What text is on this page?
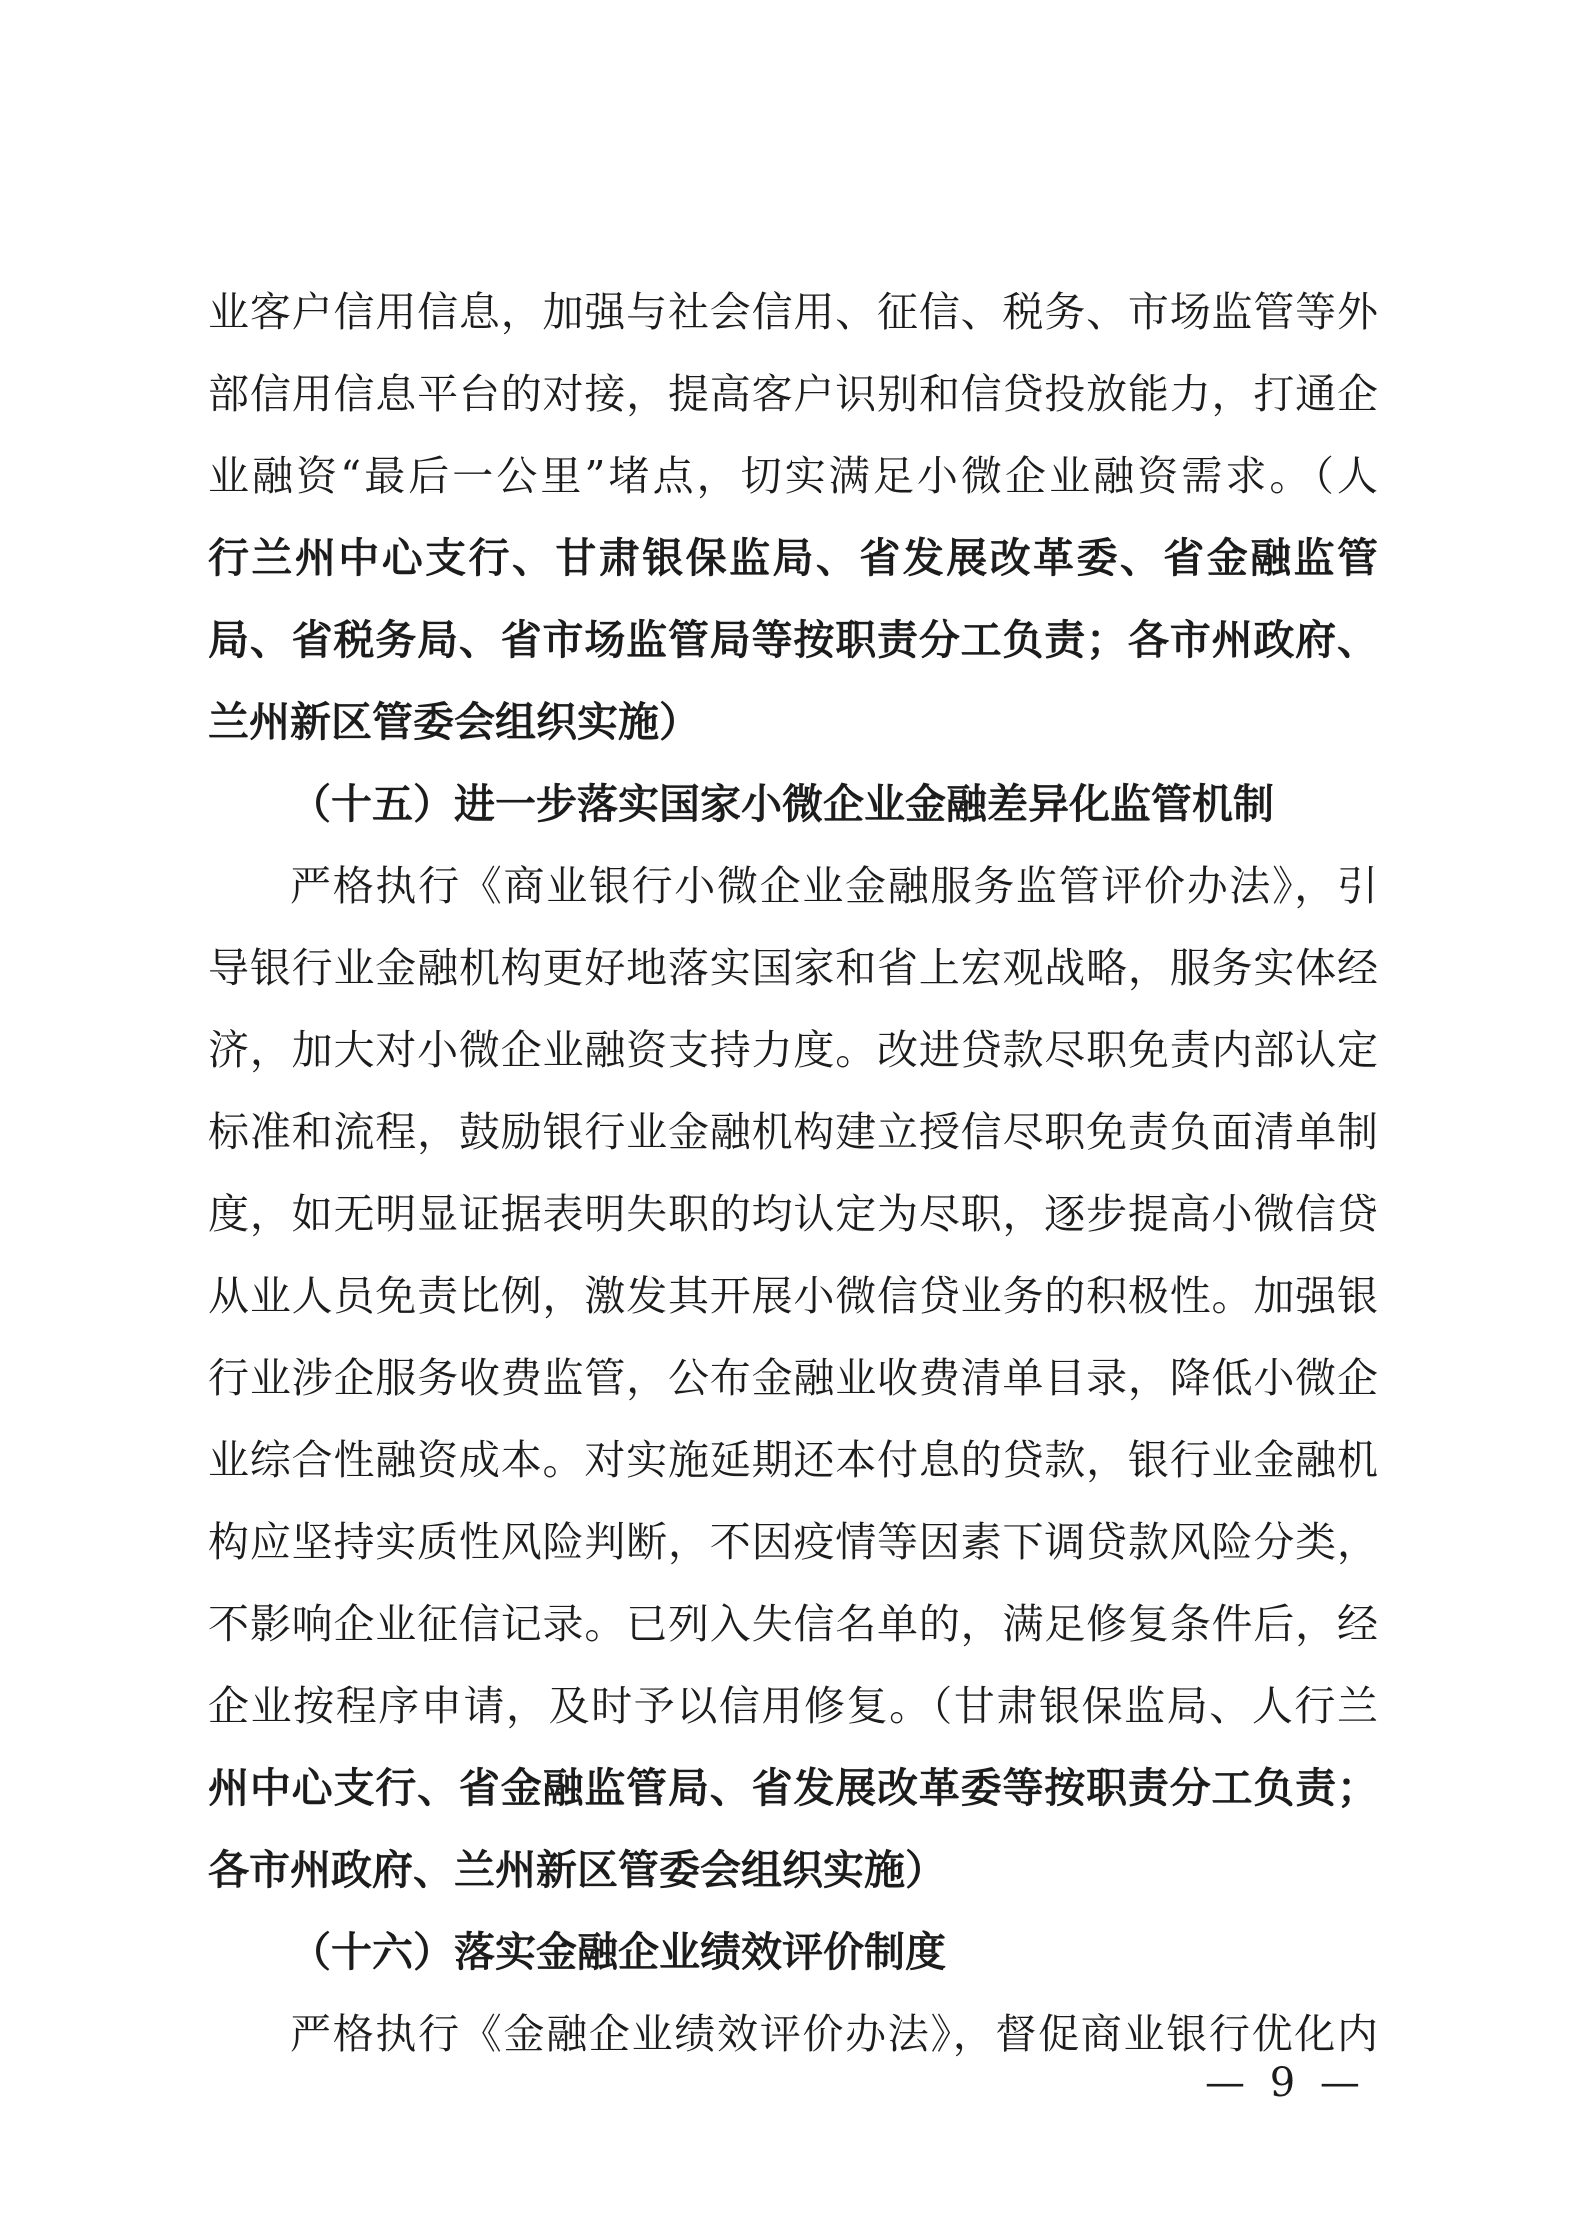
业客户信用信息，加强与社会信用、征信、税务、市场监管等外
部信用信息平台的对接，提高客户识别和信贷投放能力，打通企
业融资“最后一公里”堵点，切实满足小微企业融资需求。（人
行兰州中心支行、甘肃银保监局、省发展改革委、省金融监管
局、省税务局、省市场监管局等按职责分工负责；各市州政府、
兰州新区管委会组织实施）
（十五）进一步落实国家小微企业金融差异化监管机制
严格执行《商业银行小微企业金融服务监管评价办法》，引
导银行业金融机构更好地落实国家和省上宏观战略，服务实体经
济，加大对小微企业融资支持力度。改进贷款尽职免责内部认定
标准和流程，鼓励银行业金融机构建立授信尽职免责负面清单制
度，如无明显证据表明失职的均认定为尽职，逐步提高小微信贷
从业人员免责比例，激发其开展小微信贷业务的积极性。加强银
行业涉企服务收费监管，公布金融业收费清单目录，降低小微企
业综合性融资成本。对实施延期还本付息的贷款，银行业金融机
构应坚持实质性风险判断，不因疫情等因素下调贷款风险分类，
不影响企业征信记录。已列入失信名单的，满足修复条件后，经
企业按程序申请，及时予以信用修复。（甘肃银保监局、人行兰
州中心支行、省金融监管局、省发展改革委等按职责分工负责；
各市州政府、兰州新区管委会组织实施）
（十六）落实金融企业绩效评价制度
严格执行《金融企业绩效评价办法》，督促商业银行优化内
— 9 —
